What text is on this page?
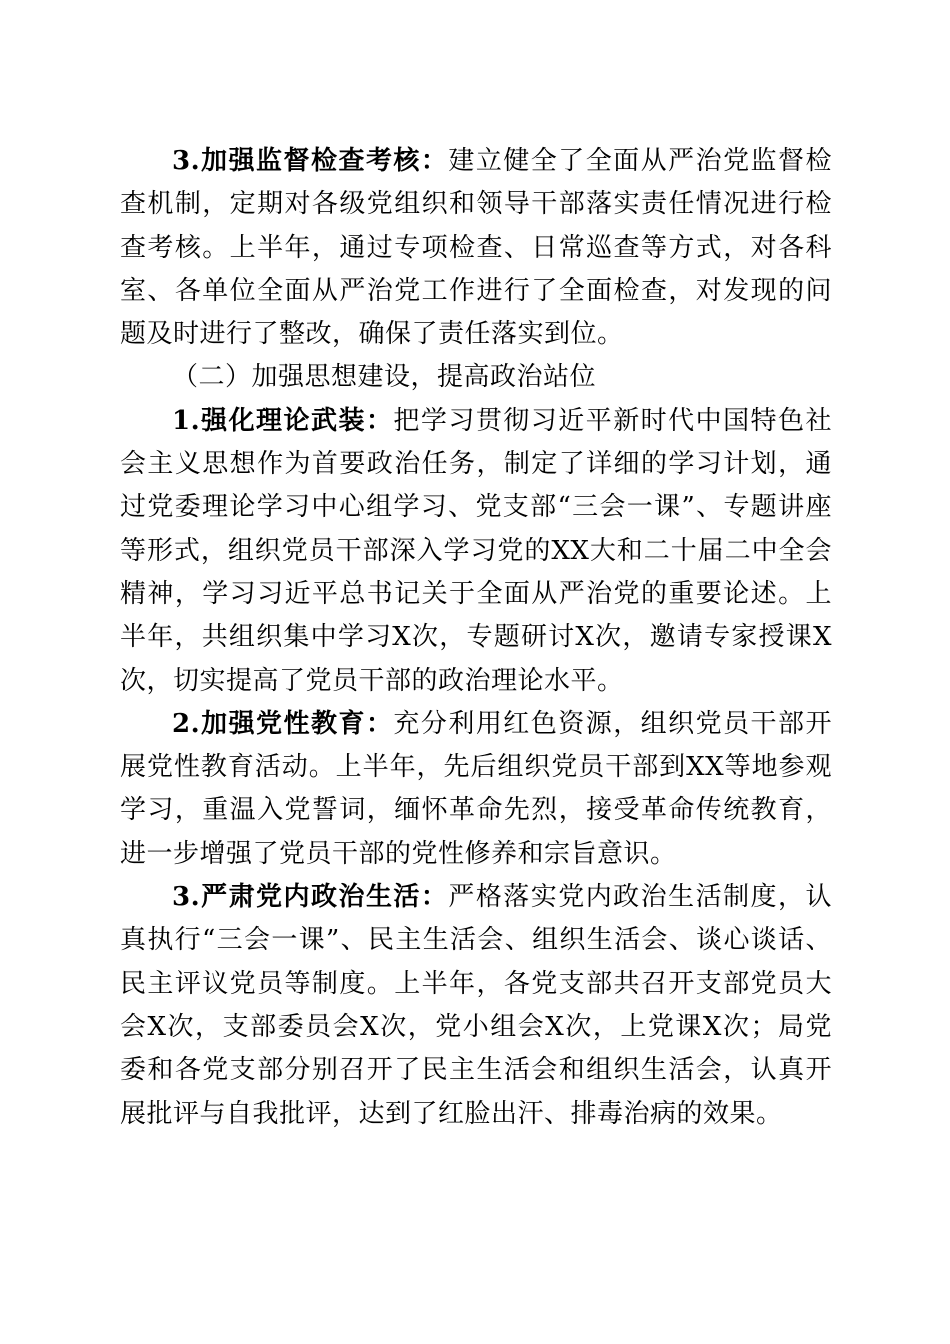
3.加强监督检查考核：建立健全了全面从严治党监督检查机制，定期对各级党组织和领导干部落实责任情况进行检查考核。上半年，通过专项检查、日常巡查等方式，对各科室、各单位全面从严治党工作进行了全面检查，对发现的问题及时进行了整改，确保了责任落实到位。

（二）加强思想建设，提高政治站位

1.强化理论武装：把学习贯彻习近平新时代中国特色社会主义思想作为首要政治任务，制定了详细的学习计划，通过党委理论学习中心组学习、党支部“三会一课”、专题讲座等形式，组织党员干部深入学习党的XX大和二十届二中全会精神，学习习近平总书记关于全面从严治党的重要论述。上半年，共组织集中学习X次，专题研讨X次，邀请专家授课X次，切实提高了党员干部的政治理论水平。

2.加强党性教育：充分利用红色资源，组织党员干部开展党性教育活动。上半年，先后组织党员干部到XX等地参观学习，重温入党誓词，缅怀革命先烈，接受革命传统教育，进一步增强了党员干部的党性修养和宗旨意识。

3.严肃党内政治生活：严格落实党内政治生活制度，认真执行“三会一课”、民主生活会、组织生活会、谈心谈话、民主评议党员等制度。上半年，各党支部共召开支部党员大会X次，支部委员会X次，党小组会X次，上党课X次；局党委和各党支部分别召开了民主生活会和组织生活会，认真开展批评与自我批评，达到了红脸出汗、排毒治病的效果。
